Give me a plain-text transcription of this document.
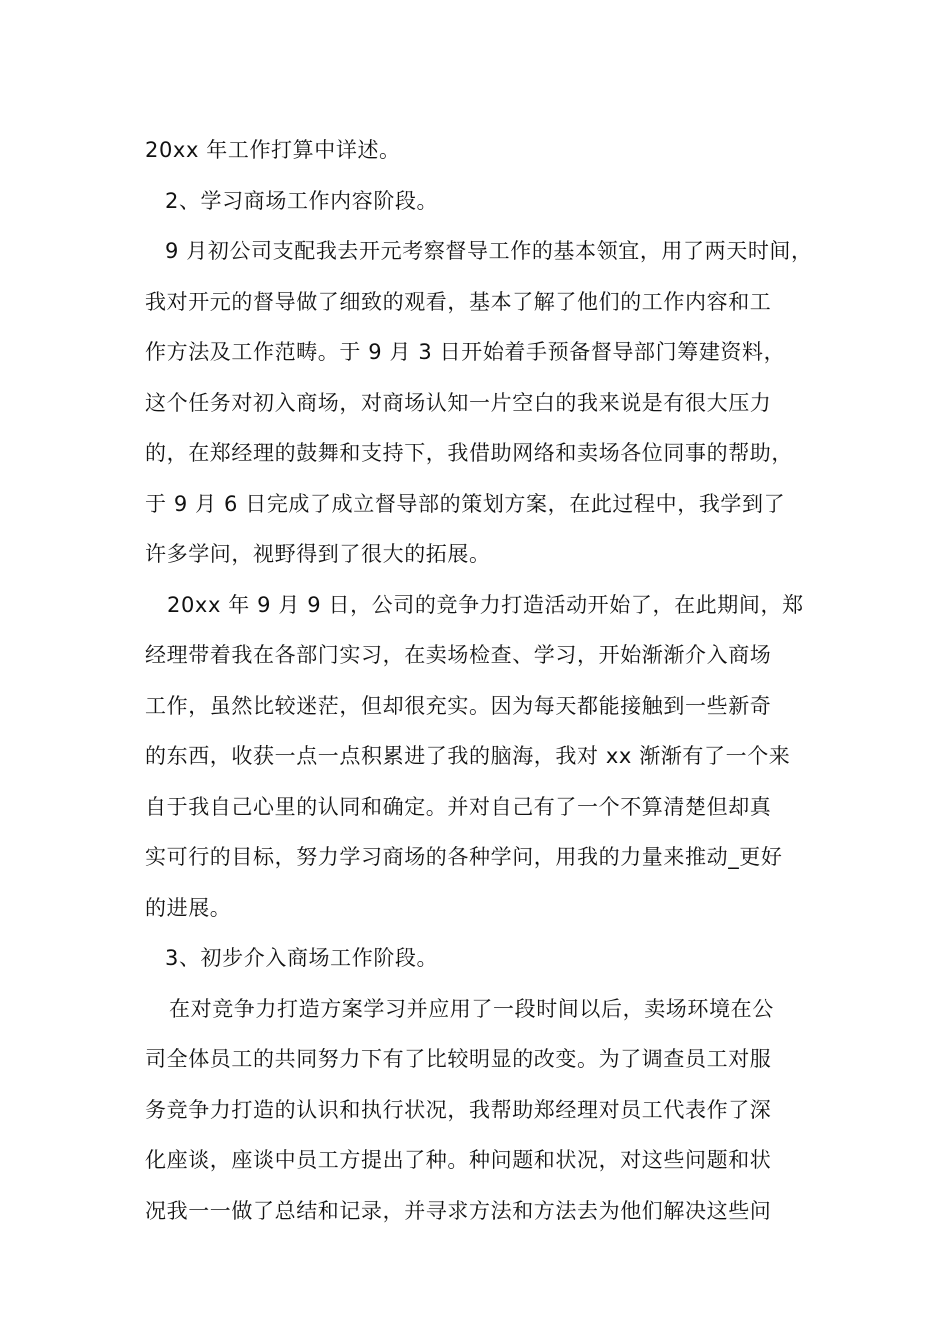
20xx 年工作打算中详述。
2、学习商场工作内容阶段。
9 月初公司支配我去开元考察督导工作的基本领宜，用了两天时间，
我对开元的督导做了细致的观看，基本了解了他们的工作内容和工
作方法及工作范畴。于 9 月 3 日开始着手预备督导部门筹建资料，
这个任务对初入商场，对商场认知一片空白的我来说是有很大压力
的，在郑经理的鼓舞和支持下，我借助网络和卖场各位同事的帮助，
于 9 月 6 日完成了成立督导部的策划方案，在此过程中，我学到了
许多学问，视野得到了很大的拓展。
20xx 年 9 月 9 日，公司的竞争力打造活动开始了，在此期间，郑
经理带着我在各部门实习，在卖场检查、学习，开始渐渐介入商场
工作，虽然比较迷茫，但却很充实。因为每天都能接触到一些新奇
的东西，收获一点一点积累进了我的脑海，我对 xx 渐渐有了一个来
自于我自己心里的认同和确定。并对自己有了一个不算清楚但却真
实可行的目标，努力学习商场的各种学问，用我的力量来推动_更好
的进展。
3、初步介入商场工作阶段。
在对竞争力打造方案学习并应用了一段时间以后，卖场环境在公
司全体员工的共同努力下有了比较明显的改变。为了调查员工对服
务竞争力打造的认识和执行状况，我帮助郑经理对员工代表作了深
化座谈，座谈中员工方提出了种。种问题和状况，对这些问题和状
况我一一做了总结和记录，并寻求方法和方法去为他们解决这些问
